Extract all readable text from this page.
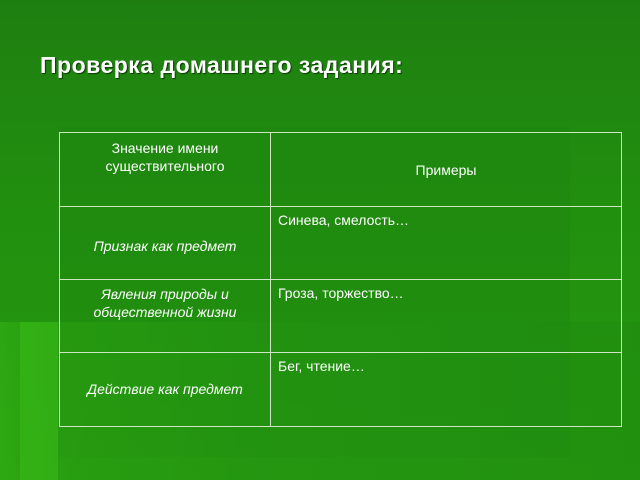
Проверка домашнего задания:
Значение имени существительного	Примеры
Признак как предмет	Синева, смелость…
Явления природы и общественной жизни	Гроза, торжество…
Действие как предмет	Бег, чтение…
